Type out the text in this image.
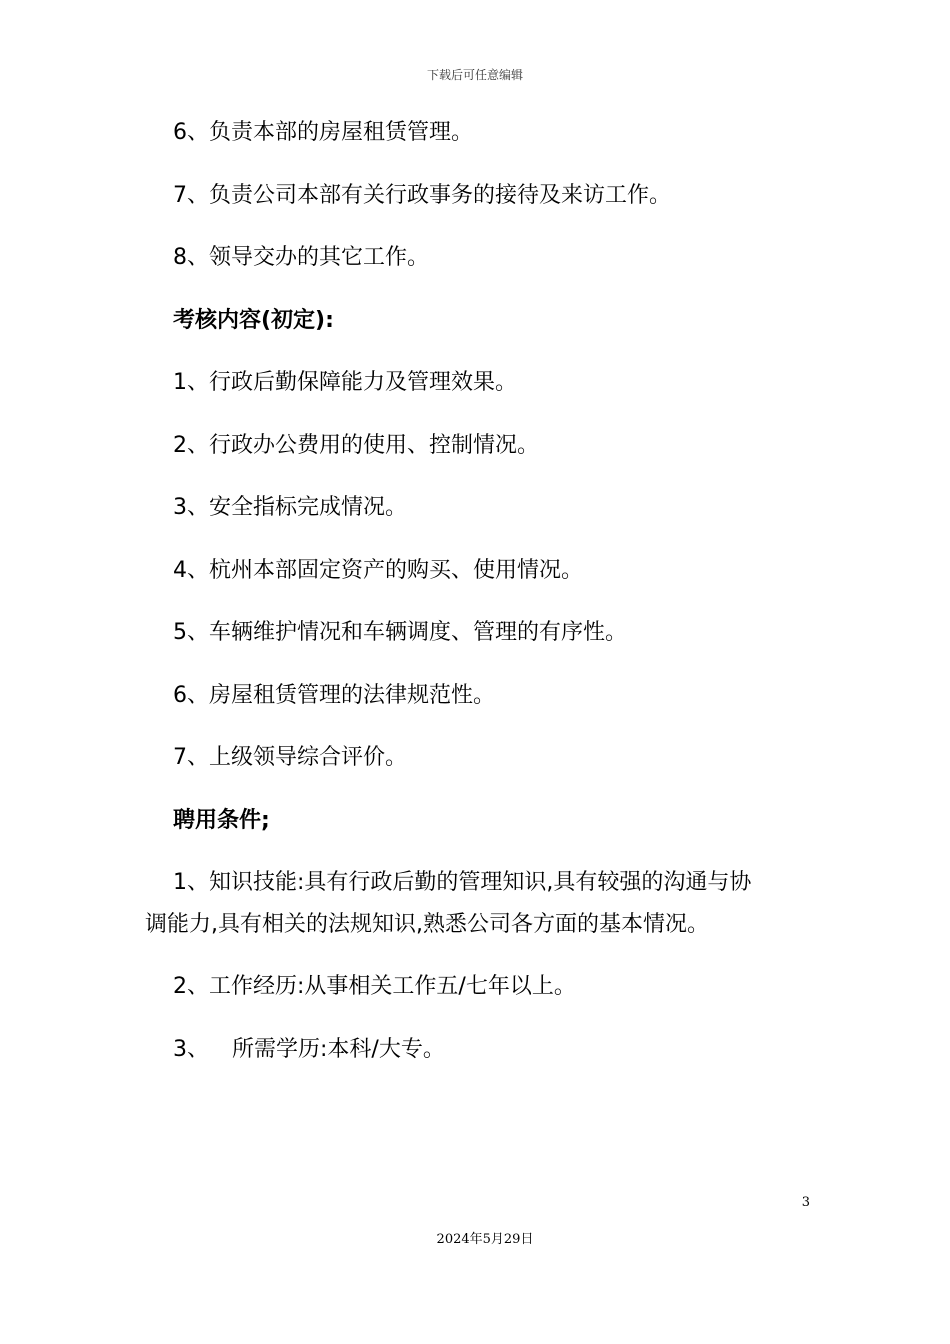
下载后可任意编辑
6、负责本部的房屋租赁管理。
7、负责公司本部有关行政事务的接待及来访工作。
8、领导交办的其它工作。
考核内容(初定):
1、行政后勤保障能力及管理效果。
2、行政办公费用的使用、控制情况。
3、安全指标完成情况。
4、杭州本部固定资产的购买、使用情况。
5、车辆维护情况和车辆调度、管理的有序性。
6、房屋租赁管理的法律规范性。
7、上级领导综合评价。
聘用条件;
1、知识技能:具有行政后勤的管理知识,具有较强的沟通与协
调能力,具有相关的法规知识,熟悉公司各方面的基本情况。
2、工作经历:从事相关工作五/七年以上。
3、 所需学历:本科/大专。
3
2024年5月29日
